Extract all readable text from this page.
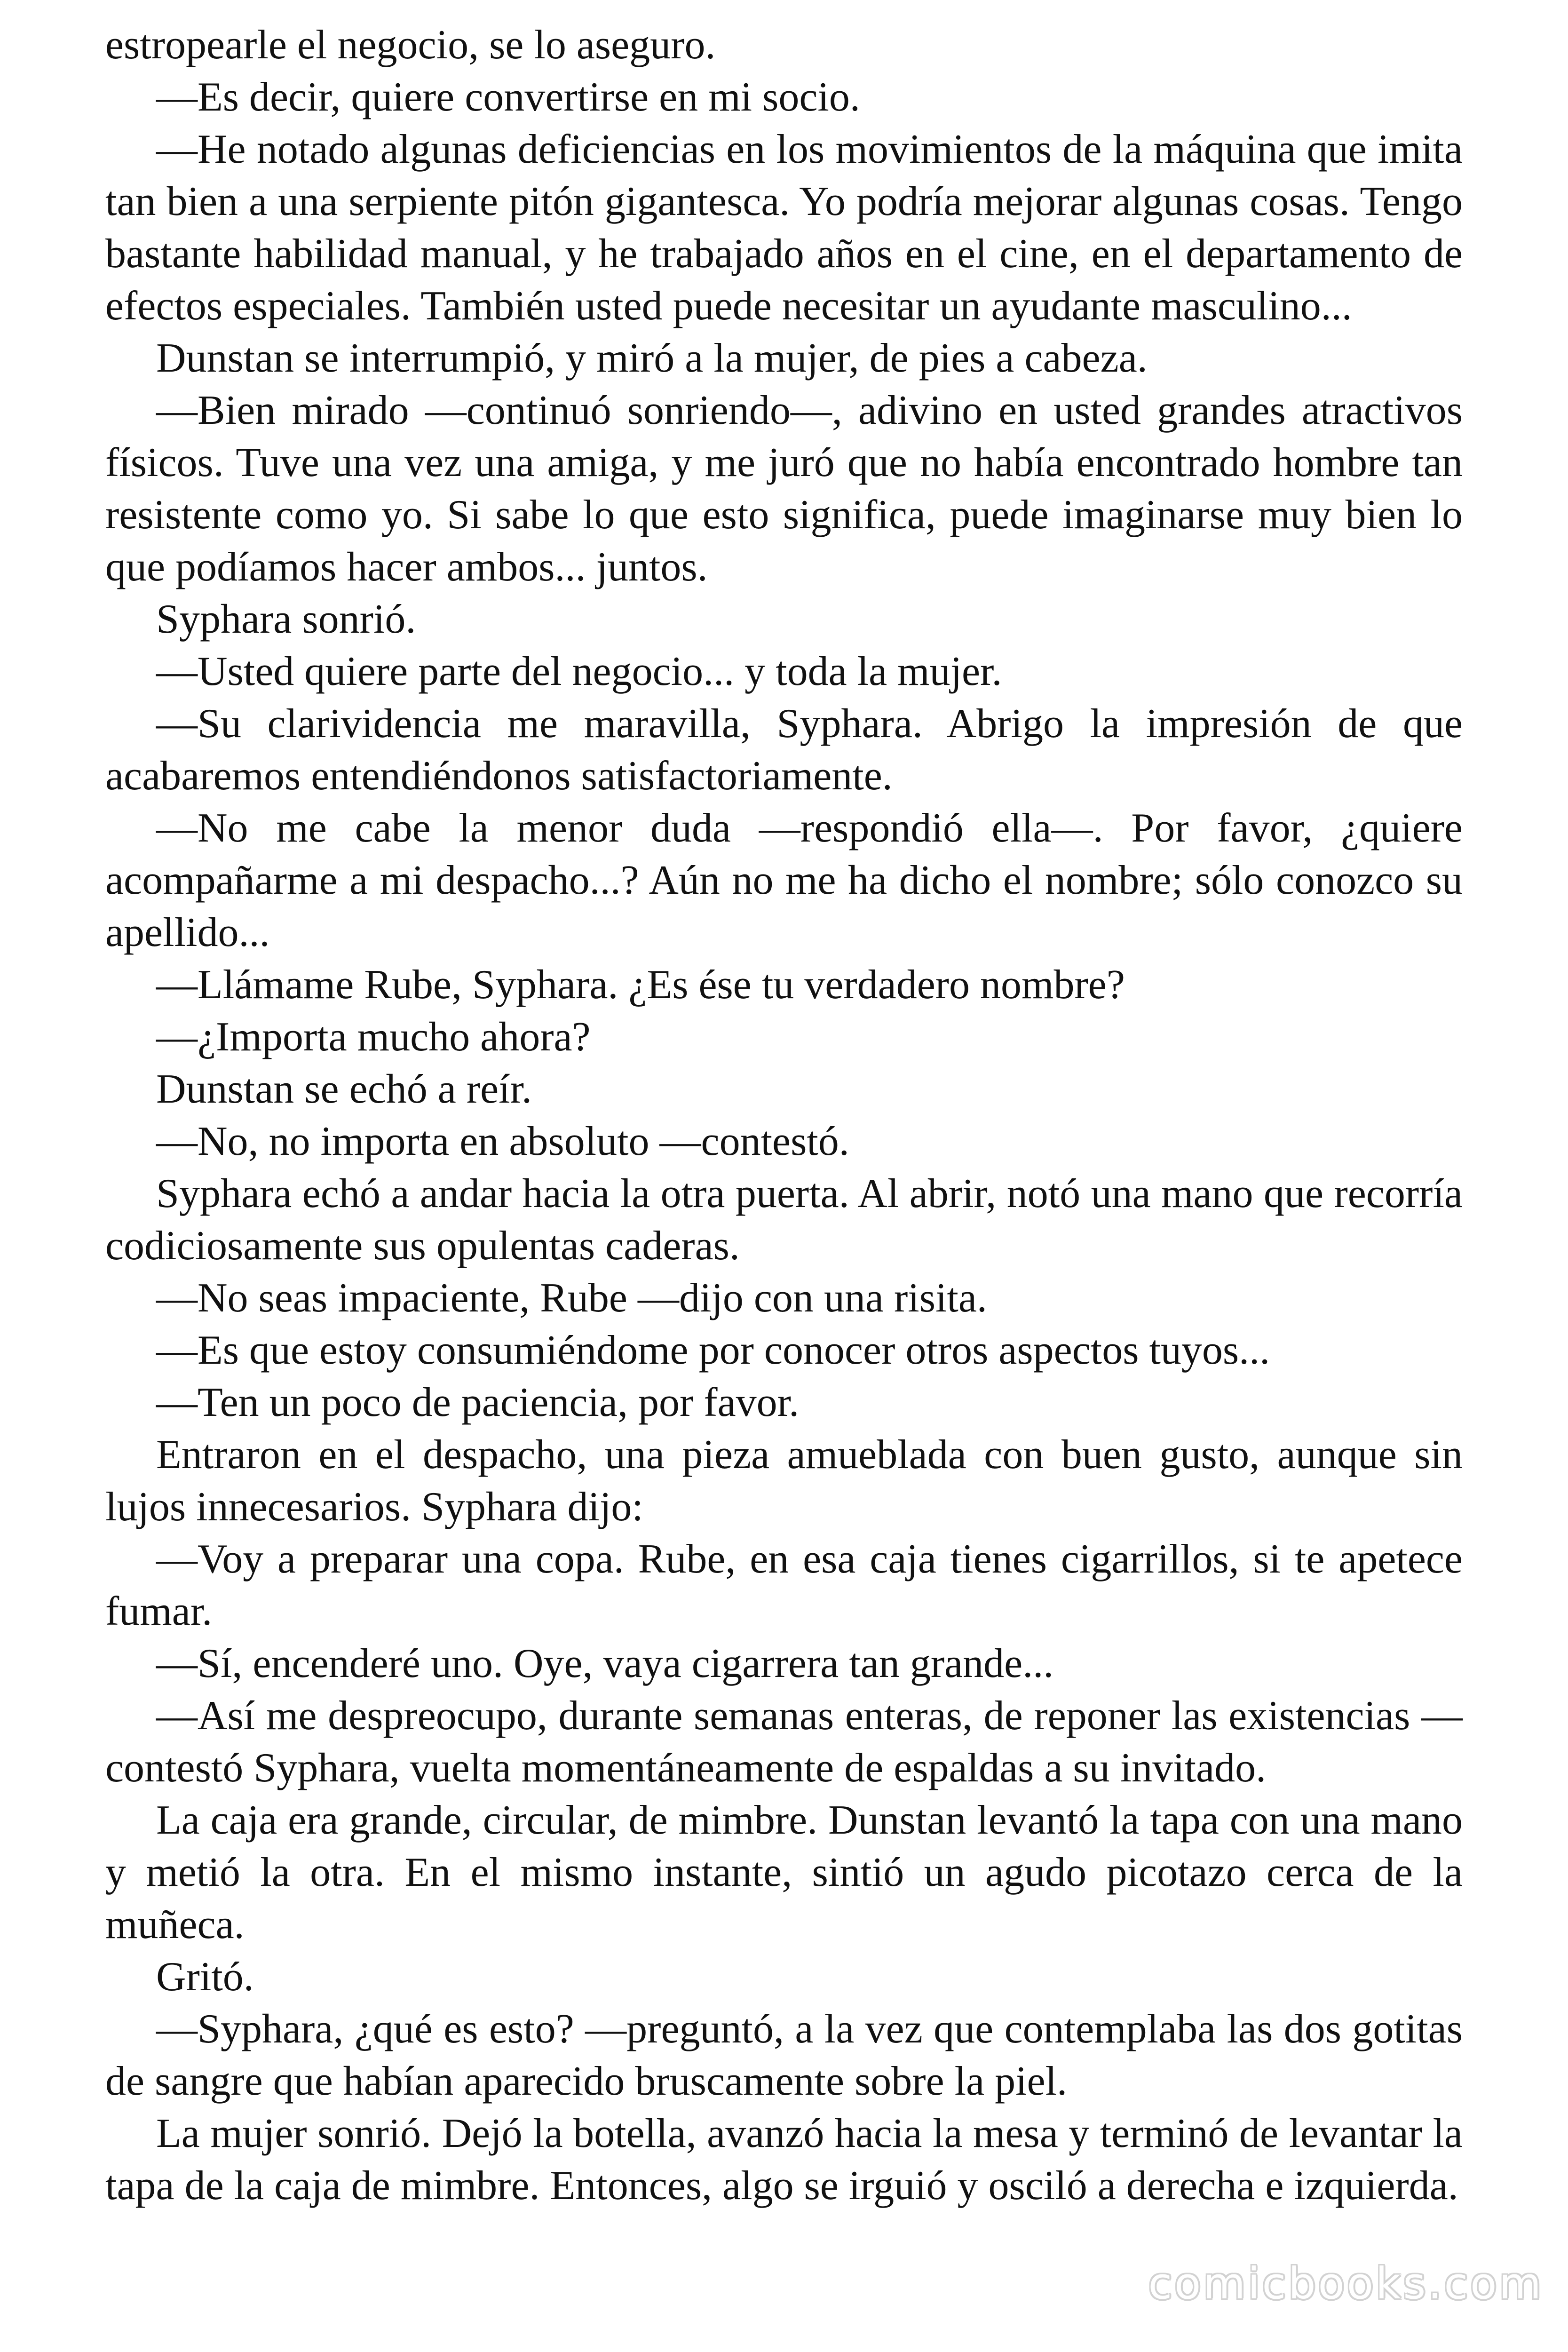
estropearle el negocio, se lo aseguro.

—Es decir, quiere convertirse en mi socio.

—He notado algunas deficiencias en los movimientos de la máquina que imita tan bien a una serpiente pitón gigantesca. Yo podría mejorar algunas cosas. Tengo bastante habilidad manual, y he trabajado años en el cine, en el departamento de efectos especiales. También usted puede necesitar un ayudante masculino...

Dunstan se interrumpió, y miró a la mujer, de pies a cabeza.

—Bien mirado —continuó sonriendo—, adivino en usted grandes atractivos físicos. Tuve una vez una amiga, y me juró que no había encontrado hombre tan resistente como yo. Si sabe lo que esto significa, puede imaginarse muy bien lo que podíamos hacer ambos... juntos.

Syphara sonrió.

—Usted quiere parte del negocio... y toda la mujer.

—Su clarividencia me maravilla, Syphara. Abrigo la impresión de que acabaremos entendiéndonos satisfactoriamente.

—No me cabe la menor duda —respondió ella—. Por favor, ¿quiere acompañarme a mi despacho...? Aún no me ha dicho el nombre; sólo conozco su apellido...

—Llámame Rube, Syphara. ¿Es ése tu verdadero nombre?

—¿Importa mucho ahora?

Dunstan se echó a reír.

—No, no importa en absoluto —contestó.

Syphara echó a andar hacia la otra puerta. Al abrir, notó una mano que recorría codiciosamente sus opulentas caderas.

—No seas impaciente, Rube —dijo con una risita.

—Es que estoy consumiéndome por conocer otros aspectos tuyos...

—Ten un poco de paciencia, por favor.

Entraron en el despacho, una pieza amueblada con buen gusto, aunque sin lujos innecesarios. Syphara dijo:

—Voy a preparar una copa. Rube, en esa caja tienes cigarrillos, si te apetece fumar.

—Sí, encenderé uno. Oye, vaya cigarrera tan grande...

—Así me despreocupo, durante semanas enteras, de reponer las existencias —contestó Syphara, vuelta momentáneamente de espaldas a su invitado.

La caja era grande, circular, de mimbre. Dunstan levantó la tapa con una mano y metió la otra. En el mismo instante, sintió un agudo picotazo cerca de la muñeca.

Gritó.

—Syphara, ¿qué es esto? —preguntó, a la vez que contemplaba las dos gotitas de sangre que habían aparecido bruscamente sobre la piel.

La mujer sonrió. Dejó la botella, avanzó hacia la mesa y terminó de levantar la tapa de la caja de mimbre. Entonces, algo se irguió y osciló a derecha e izquierda.

comicbooks.com
